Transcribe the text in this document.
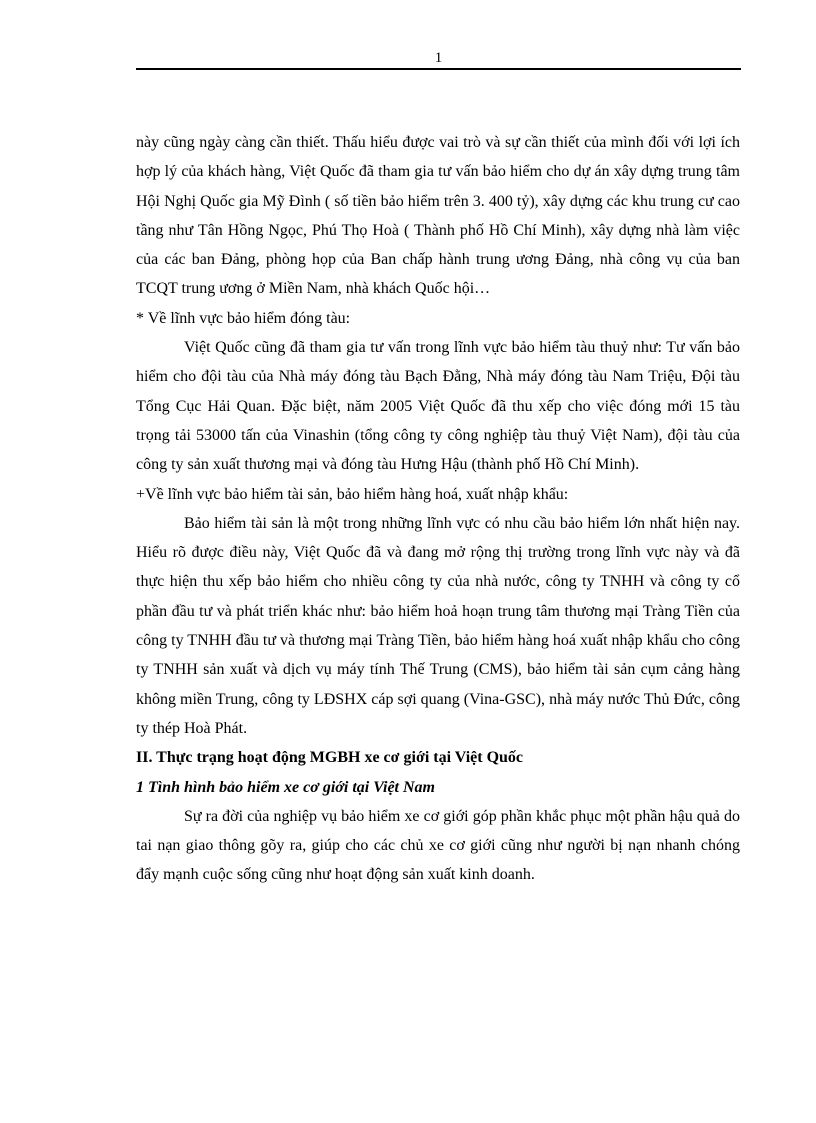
1

này cũng ngày càng cần thiết. Thấu hiểu được vai trò và sự cần thiết của mình đối với lợi ích hợp lý của khách hàng, Việt Quốc đã tham gia tư vấn bảo hiểm cho dự án xây dựng trung tâm Hội Nghị Quốc gia Mỹ Đình ( số tiền bảo hiểm trên 3. 400 tỷ), xây dựng các khu trung cư cao tầng như Tân Hồng Ngọc, Phú Thọ Hoà ( Thành phố Hồ Chí Minh), xây dựng nhà làm việc của các ban Đảng, phòng họp của Ban chấp hành trung ương Đảng, nhà công vụ của ban TCQT trung ương ở Miền Nam, nhà khách Quốc hội…

* Về lĩnh vực bảo hiểm đóng tàu:

Việt Quốc cũng đã tham gia tư vấn trong lĩnh vực bảo hiểm tàu thuỷ như: Tư vấn bảo hiểm cho đội tàu của Nhà máy đóng tàu Bạch Đằng, Nhà máy đóng tàu Nam Triệu, Đội tàu Tổng Cục Hải Quan. Đặc biệt, năm 2005 Việt Quốc đã thu xếp cho việc đóng mới 15 tàu trọng tải 53000 tấn của Vinashin (tổng công ty công nghiệp tàu thuỷ Việt Nam), đội tàu của công ty sản xuất thương mại và đóng tàu Hưng Hậu (thành phố Hồ Chí Minh).

+Về lĩnh vực bảo hiểm tài sản, bảo hiểm hàng hoá, xuất nhập khẩu:

Bảo hiểm tài sản là một trong những lĩnh vực có nhu cầu bảo hiểm lớn nhất hiện nay. Hiểu rõ được điều này, Việt Quốc đã và đang mở rộng thị trường trong lĩnh vực này và đã thực hiện thu xếp bảo hiểm cho nhiều công ty của nhà nước, công ty TNHH và công ty cổ phần đầu tư và phát triển khác như: bảo hiểm hoả hoạn trung tâm thương mại Tràng Tiền của công ty TNHH đầu tư và thương mại Tràng Tiền, bảo hiểm hàng hoá xuất nhập khẩu cho công ty TNHH sản xuất và dịch vụ máy tính Thế Trung (CMS), bảo hiểm tài sản cụm cảng hàng không miền Trung, công ty LĐSHX cáp sợi quang (Vina-GSC), nhà máy nước Thủ Đức, công ty thép Hoà Phát.

II. Thực trạng hoạt động MGBH xe cơ giới tại Việt Quốc

1 Tình hình bảo hiểm xe cơ giới tại Việt Nam

Sự ra đời của nghiệp vụ bảo hiểm xe cơ giới góp phần khắc phục một phần hậu quả do tai nạn giao thông gõy ra, giúp cho các chủ xe cơ giới cũng như người bị nạn nhanh chóng đẩy mạnh cuộc sống cũng như hoạt động sản xuất kinh doanh.
